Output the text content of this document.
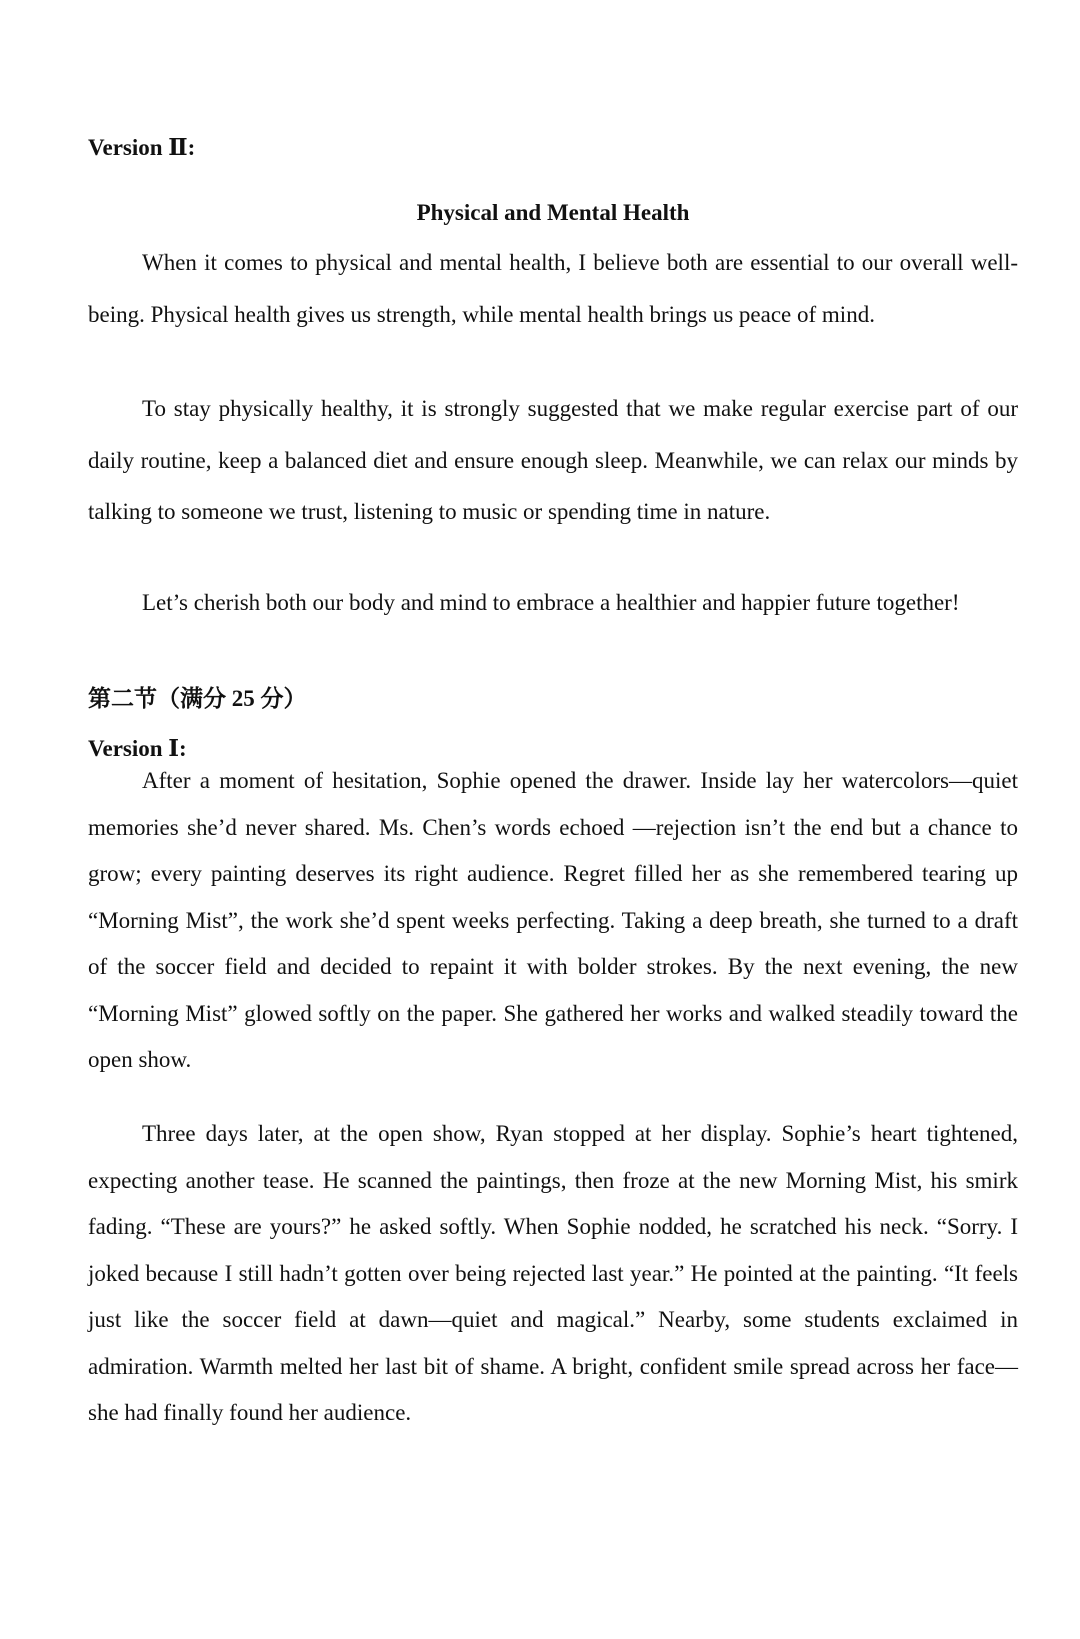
Version Ⅱ:
Physical and Mental Health

When it comes to physical and mental health, I believe both are essential to our overall well-being. Physical health gives us strength, while mental health brings us peace of mind.

To stay physically healthy, it is strongly suggested that we make regular exercise part of our daily routine, keep a balanced diet and ensure enough sleep. Meanwhile, we can relax our minds by talking to someone we trust, listening to music or spending time in nature.

Let’s cherish both our body and mind to embrace a healthier and happier future together!

第二节（满分 25 分）
Version Ⅰ:

After a moment of hesitation, Sophie opened the drawer. Inside lay her watercolors—quiet memories she’d never shared. Ms. Chen’s words echoed —rejection isn’t the end but a chance to grow; every painting deserves its right audience. Regret filled her as she remembered tearing up “Morning Mist”, the work she’d spent weeks perfecting. Taking a deep breath, she turned to a draft of the soccer field and decided to repaint it with bolder strokes. By the next evening, the new “Morning Mist” glowed softly on the paper. She gathered her works and walked steadily toward the open show.

Three days later, at the open show, Ryan stopped at her display. Sophie’s heart tightened, expecting another tease. He scanned the paintings, then froze at the new Morning Mist, his smirk fading. “These are yours?” he asked softly. When Sophie nodded, he scratched his neck. “Sorry. I joked because I still hadn’t gotten over being rejected last year.” He pointed at the painting. “It feels just like the soccer field at dawn—quiet and magical.” Nearby, some students exclaimed in admiration. Warmth melted her last bit of shame. A bright, confident smile spread across her face—she had finally found her audience.
